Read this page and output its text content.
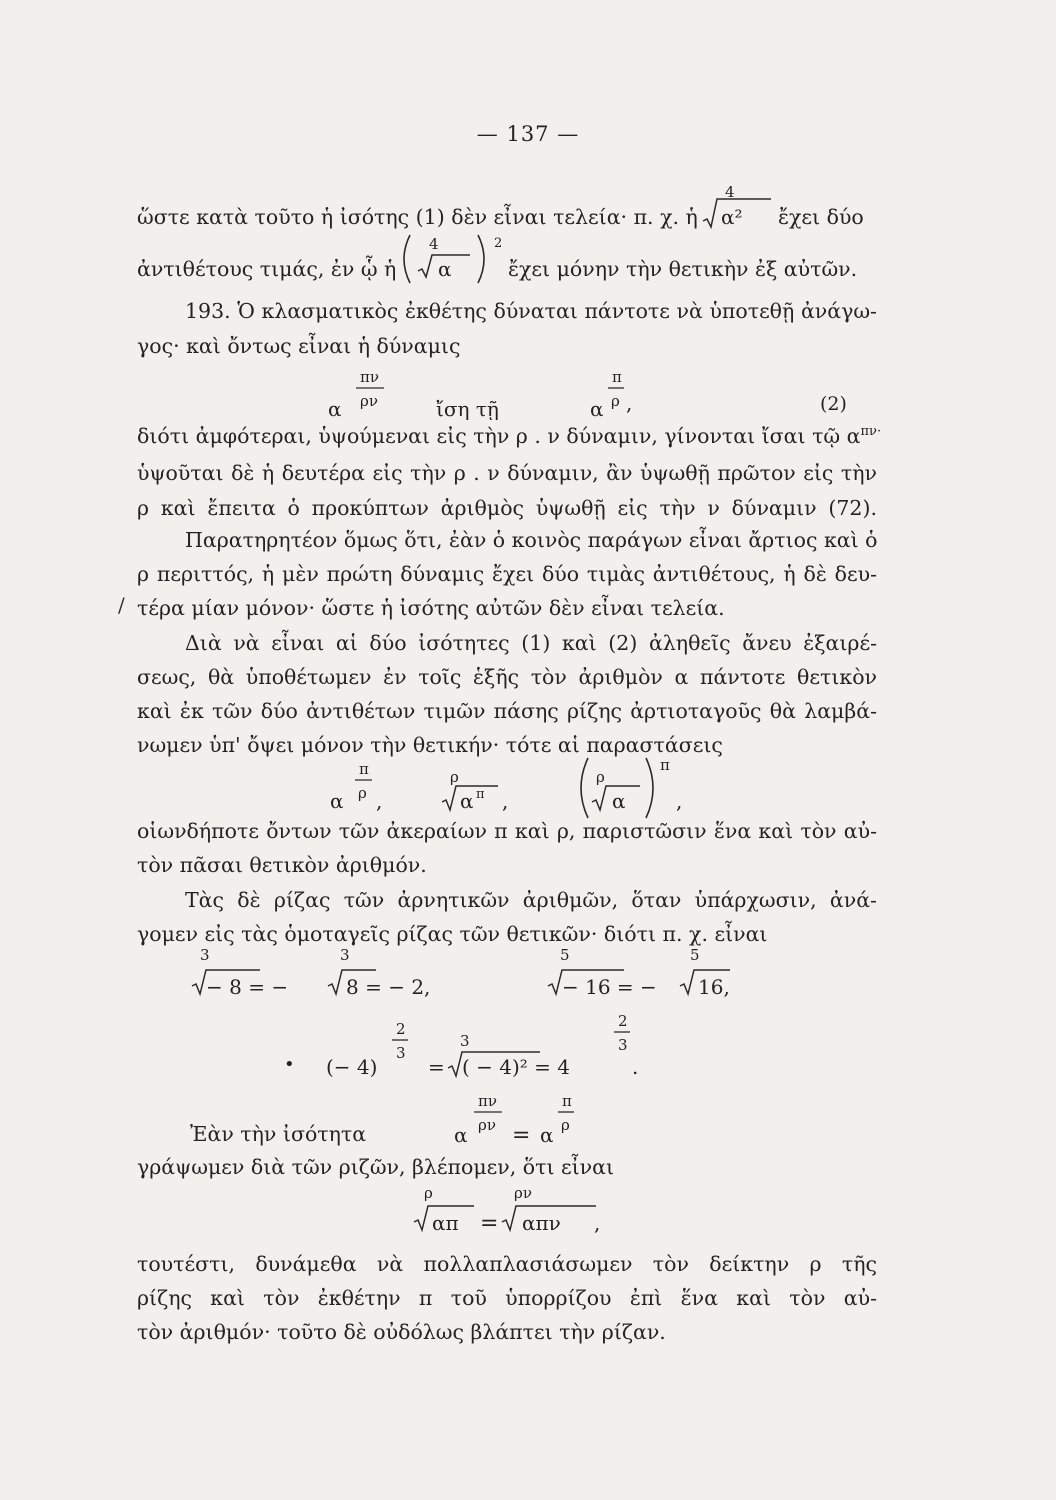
— 137 —
ὥστε κατὰ τοῦτο ἡ ἰσότης (1) δὲν εἶναι τελεία· π. χ. ἡ
4
α² ἔχει δύο
ἀντιθέτους τιμάς, ἐν ᾧ ἡ
4
α
2
ἔχει μόνην τὴν θετικὴν ἐξ αὐτῶν.
193. Ὁ κλασματικὸς ἐκθέτης δύναται πάντοτε νὰ ὑποτεθῇ ἀνάγω-
γος· καὶ ὄντως εἶναι ἡ δύναμις
α
πν
ρν	ἴση τῇ	α
π
ρ ,	(2)
διότι ἀμφότεραι, ὑψούμεναι εἰς τὴν ρ . ν δύναμιν, γίνονται ἴσαι τῷ $\alpha^{\pi\nu\cdot}$
ὑψοῦται δὲ ἡ δευτέρα εἰς τὴν ρ . ν δύναμιν, ἂν ὑψωθῇ πρῶτον εἰς τὴν
ρ καὶ ἔπειτα ὁ προκύπτων ἀριθμὸς ὑψωθῇ εἰς τὴν ν δύναμιν (72).
Παρατηρητέον ὅμως ὅτι, ἐὰν ὁ κοινὸς παράγων εἶναι ἄρτιος καὶ ὁ
ρ περιττός, ἡ μὲν πρώτη δύναμις ἔχει δύο τιμὰς ἀντιθέτους, ἡ δὲ δευ-
/ τέρα μίαν μόνον· ὥστε ἡ ἰσότης αὐτῶν δὲν εἶναι τελεία.
Διὰ νὰ εἶναι αἱ δύο ἰσότητες (1) καὶ (2) ἀληθεῖς ἄνευ ἐξαιρέ-
σεως, θὰ ὑποθέτωμεν ἐν τοῖς ἑξῆς τὸν ἀριθμὸν α πάντοτε θετικὸν
καὶ ἐκ τῶν δύο ἀντιθέτων τιμῶν πάσης ρίζης ἀρτιοταγοῦς θὰ λαμβά-
νωμεν ὑπ' ὄψει μόνον τὴν θετικήν· τότε αἱ παραστάσεις
α
π
ρ ,
ρ
α π ,
ρ
α
π
,
οἱωνδήποτε ὄντων τῶν ἀκεραίων π καὶ ρ, παριστῶσιν ἕνα καὶ τὸν αὐ-
τὸν πᾶσαι θετικὸν ἀριθμόν.
Τὰς δὲ ρίζας τῶν ἀρνητικῶν ἀριθμῶν, ὅταν ὑπάρχωσιν, ἀνά-
γομεν εἰς τὰς ὁμοταγεῖς ρίζας τῶν θετικῶν· διότι π. χ. εἶναι
3
− 8 = −
3
8 = − 2,
5
− 16 = −
5
16,
• (− 4)
2
3
=
3
( − 4)² = 4
2
3
.
Ἐὰν τὴν ἰσότητα	α
πν
ρν = α
π
ρ
γράψωμεν διὰ τῶν ριζῶν, βλέπομεν, ὅτι εἶναι
ρ
απ =
ρν
απν ,
τουτέστι, δυνάμεθα νὰ πολλαπλασιάσωμεν τὸν δείκτην ρ τῆς
ρίζης καὶ τὸν ἐκθέτην π τοῦ ὑπορρίζου ἐπὶ ἕνα καὶ τὸν αὐ-
τὸν ἀριθμόν· τοῦτο δὲ οὐδόλως βλάπτει τὴν ρίζαν.
